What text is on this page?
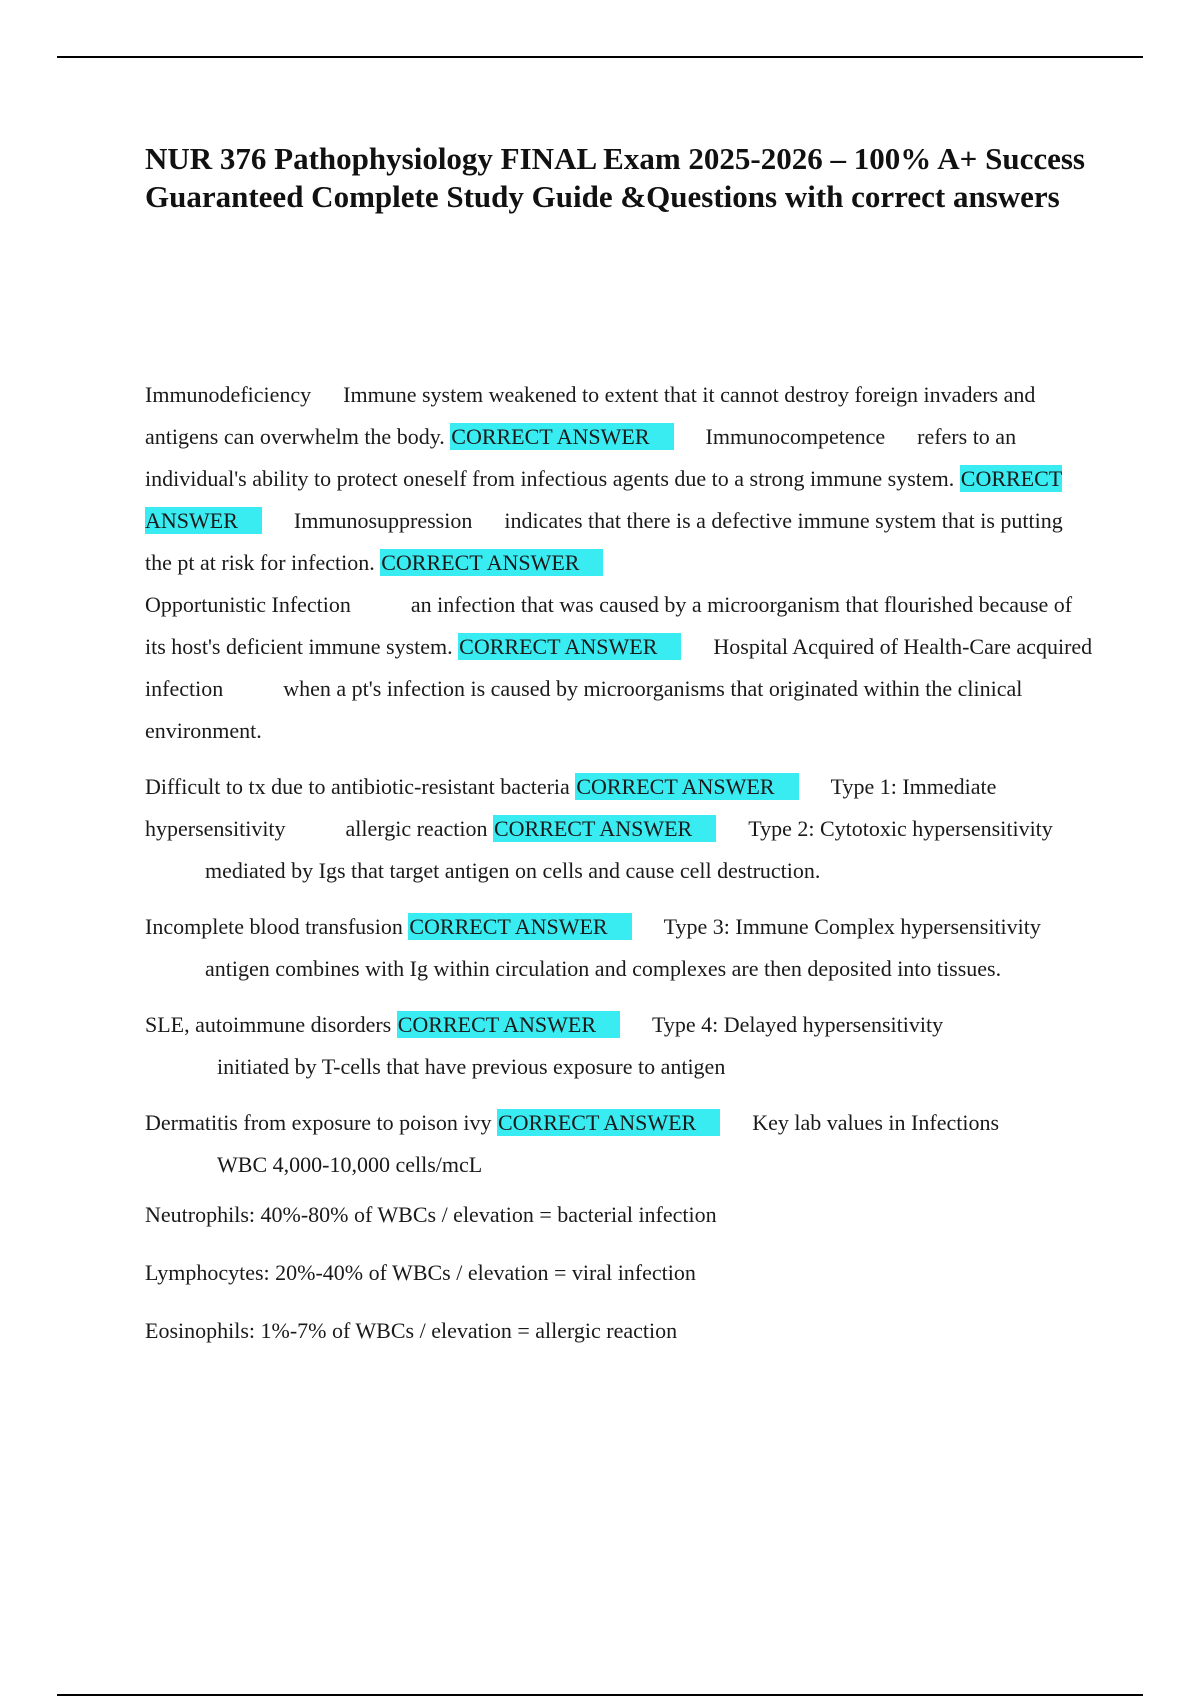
NUR 376 Pathophysiology FINAL Exam 2025-2026 – 100% A+ Success Guaranteed Complete Study Guide &Questions with correct answers

Immunodeficiency Immune system weakened to extent that it cannot destroy foreign invaders and antigens can overwhelm the body. CORRECT ANSWER	Immunocompetence refers to an individual's ability to protect oneself from infectious agents due to a strong immune system. CORRECT ANSWER	Immunosuppression indicates that there is a defective immune system that is putting the pt at risk for infection. CORRECT ANSWER
Opportunistic Infection	an infection that was caused by a microorganism that flourished because of its host's deficient immune system. CORRECT ANSWER	Hospital Acquired of Health-Care acquired infection	when a pt's infection is caused by microorganisms that originated within the clinical environment.

Difficult to tx due to antibiotic-resistant bacteria CORRECT ANSWER	Type 1: Immediate hypersensitivity	allergic reaction CORRECT ANSWER	Type 2: Cytotoxic hypersensitivitymediated by Igs that target antigen on cells and cause cell destruction.

Incomplete blood transfusion CORRECT ANSWER	Type 3: Immune Complex hypersensitivityantigen combines with Ig within circulation and complexes are then deposited into tissues.

SLE, autoimmune disorders CORRECT ANSWER	Type 4: Delayed hypersensitivity
initiated by T-cells that have previous exposure to antigen

Dermatitis from exposure to poison ivy CORRECT ANSWER	Key lab values in Infections
WBC 4,000-10,000 cells/mcL

Neutrophils: 40%-80% of WBCs / elevation = bacterial infection

Lymphocytes: 20%-40% of WBCs / elevation = viral infection

Eosinophils: 1%-7% of WBCs / elevation = allergic reaction
